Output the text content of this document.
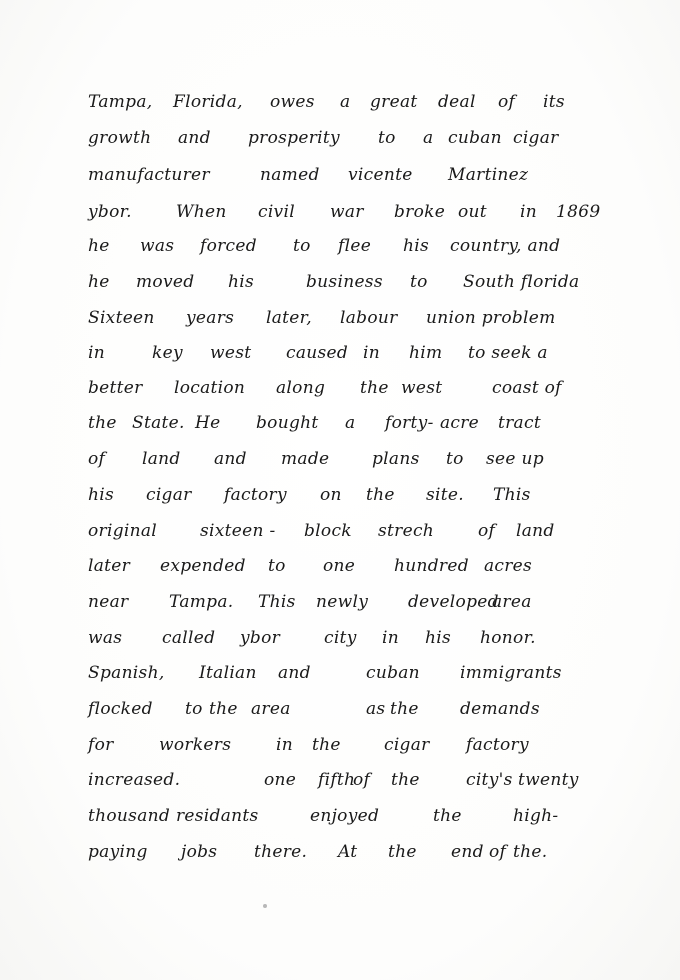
Tampa, Florida, owes a great deal of its
growth and prosperity to a cuban cigar
manufacturer	named vicente Martinez
ybor.	When civil war broke out in 1869
he was forced to flee his country, and
he moved his	business to South florida
Sixteen years later, labour union problem
in	key west caused in him to seek a
better location along the west	coast of
the State. He bought a forty- acre tract
of land and made	plans to see up
his cigar factory on the site. This
original	sixteen - block strech	of land
later expended to one hundred acres
near Tampa. This newly developed
area
was called ybor	city in his honor.
Spanish, Italian and	cuban immigrants
flocked to the area	as the demands
for	workers	in the	cigar factory
increased.	one fifth
of the	city's twenty
thousand residants	enjoyed	the	high-
paying jobs there. At the end of the.
